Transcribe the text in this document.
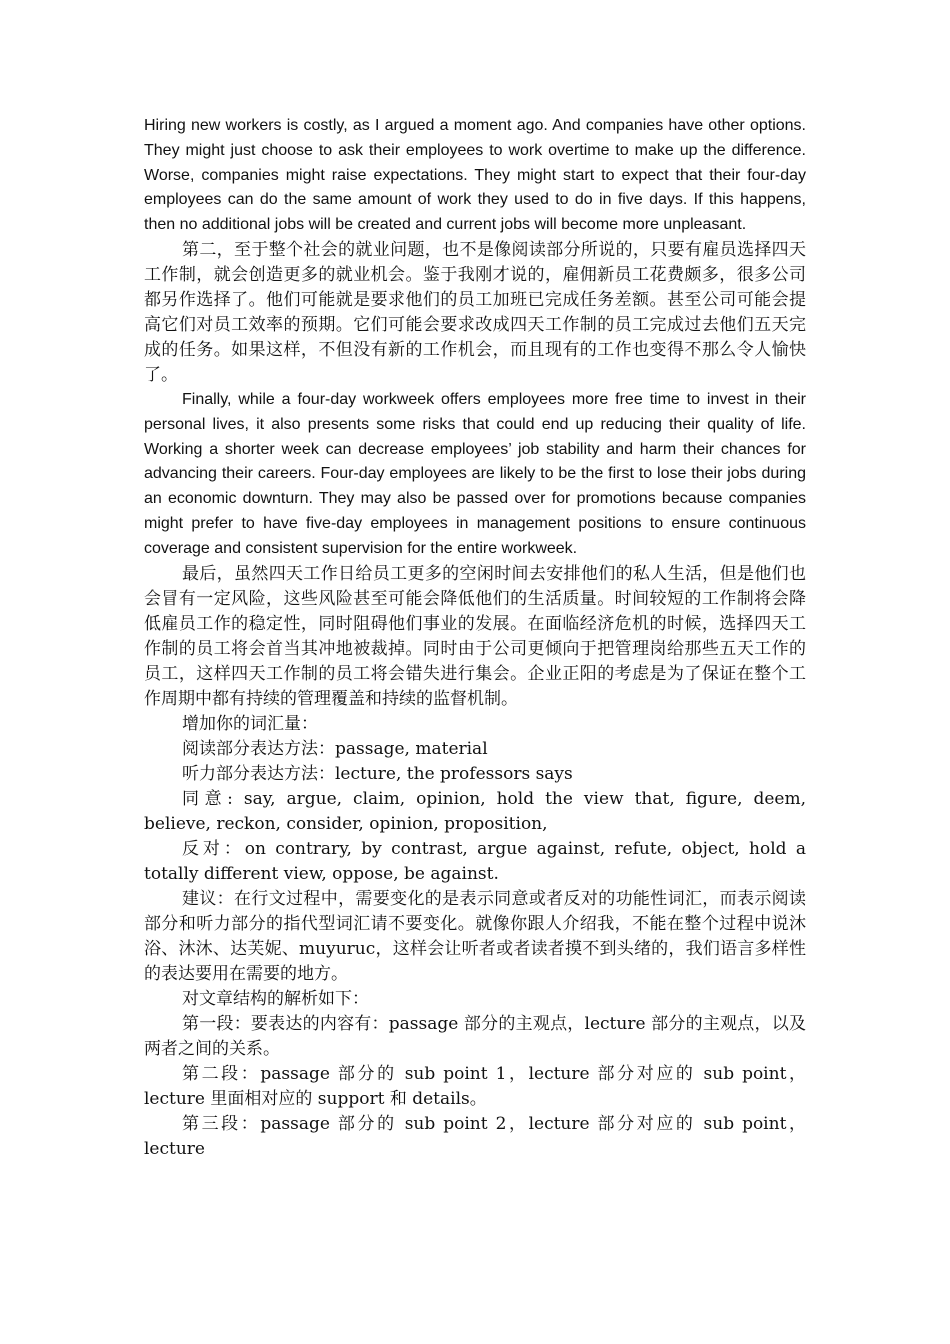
Hiring new workers is costly, as I argued a moment ago. And companies have other options. They might just choose to ask their employees to work overtime to make up the difference. Worse, companies might raise expectations. They might start to expect that their four-day employees can do the same amount of work they used to do in five days. If this happens, then no additional jobs will be created and current jobs will become more unpleasant.

第二，至于整个社会的就业问题，也不是像阅读部分所说的，只要有雇员选择四天工作制，就会创造更多的就业机会。鉴于我刚才说的，雇佣新员工花费颇多，很多公司都另作选择了。他们可能就是要求他们的员工加班已完成任务差额。甚至公司可能会提高它们对员工效率的预期。它们可能会要求改成四天工作制的员工完成过去他们五天完成的任务。如果这样，不但没有新的工作机会，而且现有的工作也变得不那么令人愉快了。

Finally, while a four-day workweek offers employees more free time to invest in their personal lives, it also presents some risks that could end up reducing their quality of life. Working a shorter week can decrease employees’ job stability and harm their chances for advancing their careers. Four-day employees are likely to be the first to lose their jobs during an economic downturn. They may also be passed over for promotions because companies might prefer to have five-day employees in management positions to ensure continuous coverage and consistent supervision for the entire workweek.

最后，虽然四天工作日给员工更多的空闲时间去安排他们的私人生活，但是他们也会冒有一定风险，这些风险甚至可能会降低他们的生活质量。时间较短的工作制将会降低雇员工作的稳定性，同时阻碍他们事业的发展。在面临经济危机的时候，选择四天工作制的员工将会首当其冲地被裁掉。同时由于公司更倾向于把管理岗给那些五天工作的员工，这样四天工作制的员工将会错失进行集会。企业正阳的考虑是为了保证在整个工作周期中都有持续的管理覆盖和持续的监督机制。

增加你的词汇量：

阅读部分表达方法：passage, material

听力部分表达方法：lecture, the professors says

同意: say, argue, claim, opinion, hold the view that, figure, deem, believe, reckon, consider, opinion, proposition,

反对：on contrary, by contrast, argue against, refute, object, hold a totally different view, oppose, be against.

建议：在行文过程中，需要变化的是表示同意或者反对的功能性词汇，而表示阅读部分和听力部分的指代型词汇请不要变化。就像你跟人介绍我，不能在整个过程中说沐浴、沐沐、达芙妮、muyuruc，这样会让听者或者读者摸不到头绪的，我们语言多样性的表达要用在需要的地方。

对文章结构的解析如下：

第一段：要表达的内容有：passage 部分的主观点，lecture 部分的主观点，以及两者之间的关系。

第二段：passage 部分的 sub point 1，lecture 部分对应的 sub point，lecture 里面相对应的 support 和 details。

第三段：passage 部分的 sub point 2，lecture 部分对应的 sub point，lecture
